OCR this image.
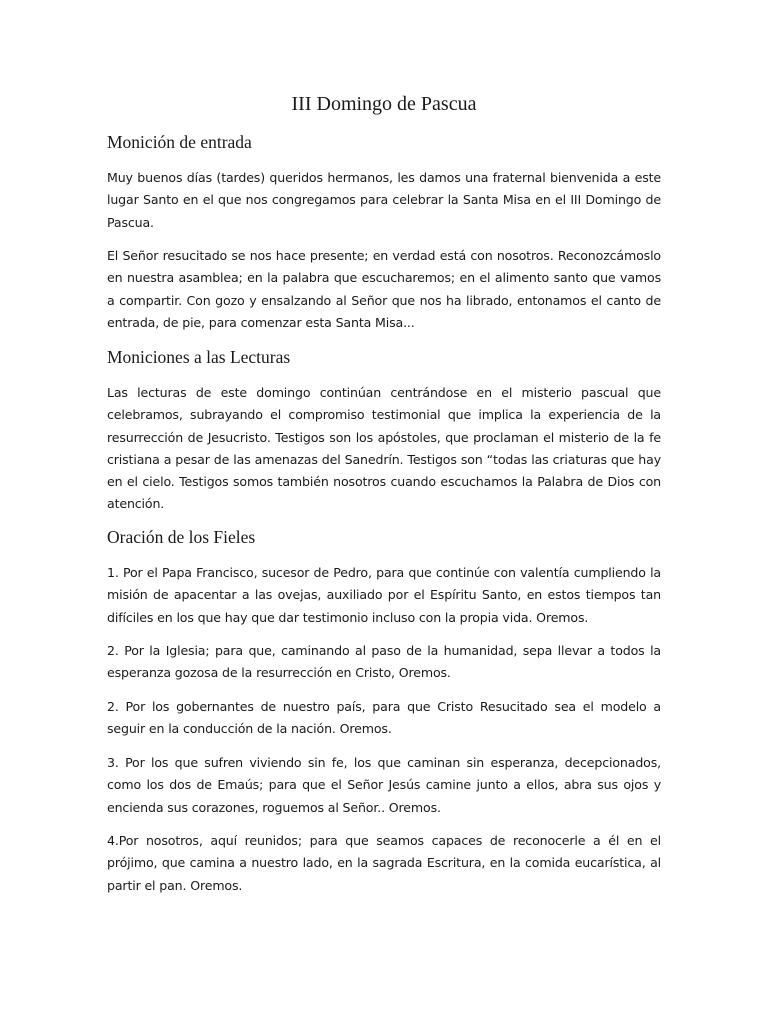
III Domingo de Pascua
Monición de entrada

Muy buenos días (tardes) queridos hermanos, les damos una fraternal bienvenida a este lugar Santo en el que nos congregamos para celebrar la Santa Misa en el III Domingo de Pascua.

El Señor resucitado se nos hace presente; en verdad está con nosotros. Reconozcámoslo en nuestra asamblea; en la palabra que escucharemos; en el alimento santo que vamos a compartir. Con gozo y ensalzando al Señor que nos ha librado, entonamos el canto de entrada, de pie, para comenzar esta Santa Misa...

Moniciones a las Lecturas

Las lecturas de este domingo continúan centrándose en el misterio pascual que celebramos, subrayando el compromiso testimonial que implica la experiencia de la resurrección de Jesucristo. Testigos son los apóstoles, que proclaman el misterio de la fe cristiana a pesar de las amenazas del Sanedrín. Testigos son “todas las criaturas que hay en el cielo. Testigos somos también nosotros cuando escuchamos la Palabra de Dios con atención.

Oración de los Fieles

1. Por el Papa Francisco, sucesor de Pedro, para que continúe con valentía cumpliendo la misión de apacentar a las ovejas, auxiliado por el Espíritu Santo, en estos tiempos tan difíciles en los que hay que dar testimonio incluso con la propia vida. Oremos.

2. Por la Iglesia; para que, caminando al paso de la humanidad, sepa llevar a todos la esperanza gozosa de la resurrección en Cristo, Oremos.

2. Por los gobernantes de nuestro país, para que Cristo Resucitado sea el modelo a seguir en la conducción de la nación. Oremos.

3. Por los que sufren viviendo sin fe, los que caminan sin esperanza, decepcionados, como los dos de Emaús; para que el Señor Jesús camine junto a ellos, abra sus ojos y encienda sus corazones, roguemos al Señor.. Oremos.

4.Por nosotros, aquí reunidos; para que seamos capaces de reconocerle a él en el prójimo, que camina a nuestro lado, en la sagrada Escritura, en la comida eucarística, al partir el pan. Oremos.
